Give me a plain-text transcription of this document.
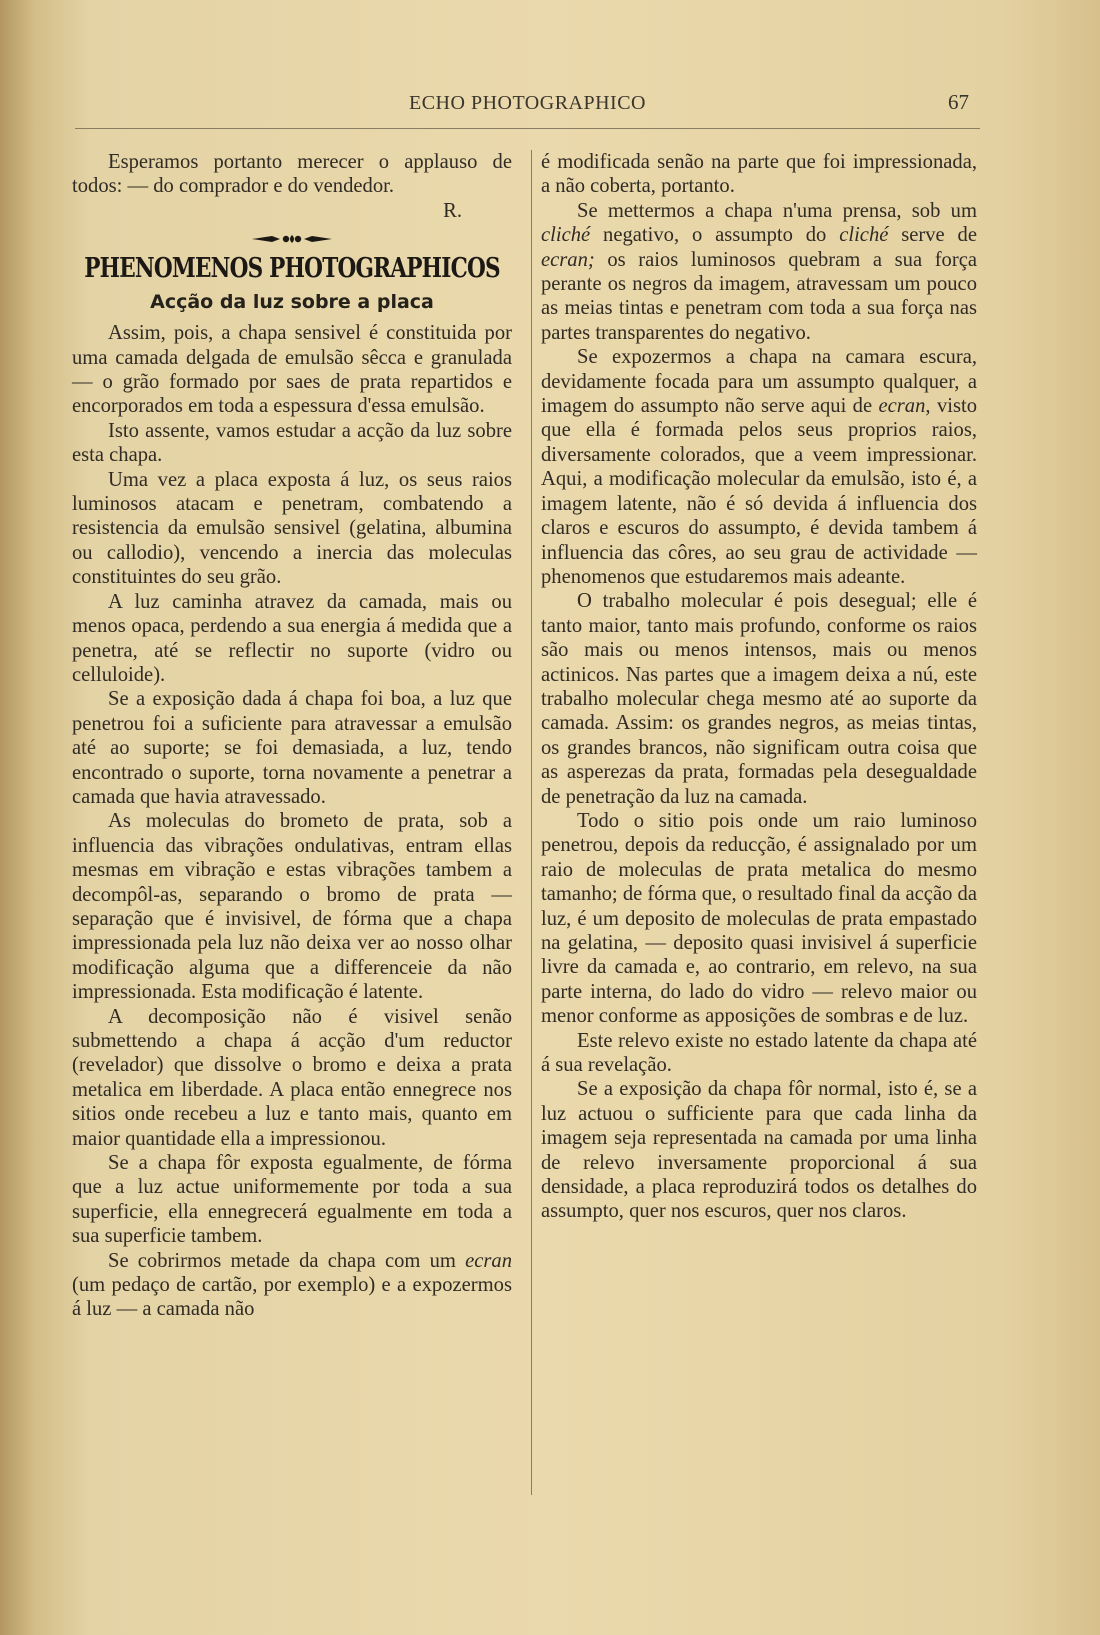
ECHO PHOTOGRAPHICO	67

Esperamos portanto merecer o applauso de todos: — do comprador e do vendedor.

R.
PHENOMENOS PHOTOGRAPHICOS
Acção da luz sobre a placa

Assim, pois, a chapa sensivel é constituida por uma camada delgada de emulsão sêcca e granulada — o grão formado por saes de prata repartidos e encorporados em toda a espessura d'essa emulsão.

Isto assente, vamos estudar a acção da luz sobre esta chapa.

Uma vez a placa exposta á luz, os seus raios luminosos atacam e penetram, combatendo a resistencia da emulsão sensivel (gelatina, albumina ou callodio), vencendo a inercia das moleculas constituintes do seu grão.

A luz caminha atravez da camada, mais ou menos opaca, perdendo a sua energia á medida que a penetra, até se reflectir no suporte (vidro ou celluloide).

Se a exposição dada á chapa foi boa, a luz que penetrou foi a suficiente para atravessar a emulsão até ao suporte; se foi demasiada, a luz, tendo encontrado o suporte, torna novamente a penetrar a camada que havia atravessado.

As moleculas do brometo de prata, sob a influencia das vibrações ondulativas, entram ellas mesmas em vibração e estas vibrações tambem a decompôl-as, separando o bromo de prata — separação que é invisivel, de fórma que a chapa impressionada pela luz não deixa ver ao nosso olhar modificação alguma que a differenceie da não impressionada. Esta modificação é latente.

A decomposição não é visivel senão submettendo a chapa á acção d'um reductor (revelador) que dissolve o bromo e deixa a prata metalica em liberdade. A placa então ennegrece nos sitios onde recebeu a luz e tanto mais, quanto em maior quantidade ella a impressionou.

Se a chapa fôr exposta egualmente, de fórma que a luz actue uniformemente por toda a sua superficie, ella ennegrecerá egualmente em toda a sua superficie tambem.

Se cobrirmos metade da chapa com um ecran (um pedaço de cartão, por exemplo) e a expozermos á luz — a camada não

é modificada senão na parte que foi impressionada, a não coberta, portanto.

Se mettermos a chapa n'uma prensa, sob um cliché negativo, o assumpto do cliché serve de ecran; os raios luminosos quebram a sua força perante os negros da imagem, atravessam um pouco as meias tintas e penetram com toda a sua força nas partes transparentes do negativo.

Se expozermos a chapa na camara escura, devidamente focada para um assumpto qualquer, a imagem do assumpto não serve aqui de ecran, visto que ella é formada pelos seus proprios raios, diversamente colorados, que a veem impressionar. Aqui, a modificação molecular da emulsão, isto é, a imagem latente, não é só devida á influencia dos claros e escuros do assumpto, é devida tambem á influencia das côres, ao seu grau de actividade — phenomenos que estudaremos mais adeante.

O trabalho molecular é pois desegual; elle é tanto maior, tanto mais profundo, conforme os raios são mais ou menos intensos, mais ou menos actinicos. Nas partes que a imagem deixa a nú, este trabalho molecular chega mesmo até ao suporte da camada. Assim: os grandes negros, as meias tintas, os grandes brancos, não significam outra coisa que as asperezas da prata, formadas pela desegualdade de penetração da luz na camada.

Todo o sitio pois onde um raio luminoso penetrou, depois da reducção, é assignalado por um raio de moleculas de prata metalica do mesmo tamanho; de fórma que, o resultado final da acção da luz, é um deposito de moleculas de prata empastado na gelatina, — deposito quasi invisivel á superficie livre da camada e, ao contrario, em relevo, na sua parte interna, do lado do vidro — relevo maior ou menor conforme as apposições de sombras e de luz.

Este relevo existe no estado latente da chapa até á sua revelação.

Se a exposição da chapa fôr normal, isto é, se a luz actuou o sufficiente para que cada linha da imagem seja representada na camada por uma linha de relevo inversamente proporcional á sua densidade, a placa reproduzirá todos os detalhes do assumpto, quer nos escuros, quer nos claros.
